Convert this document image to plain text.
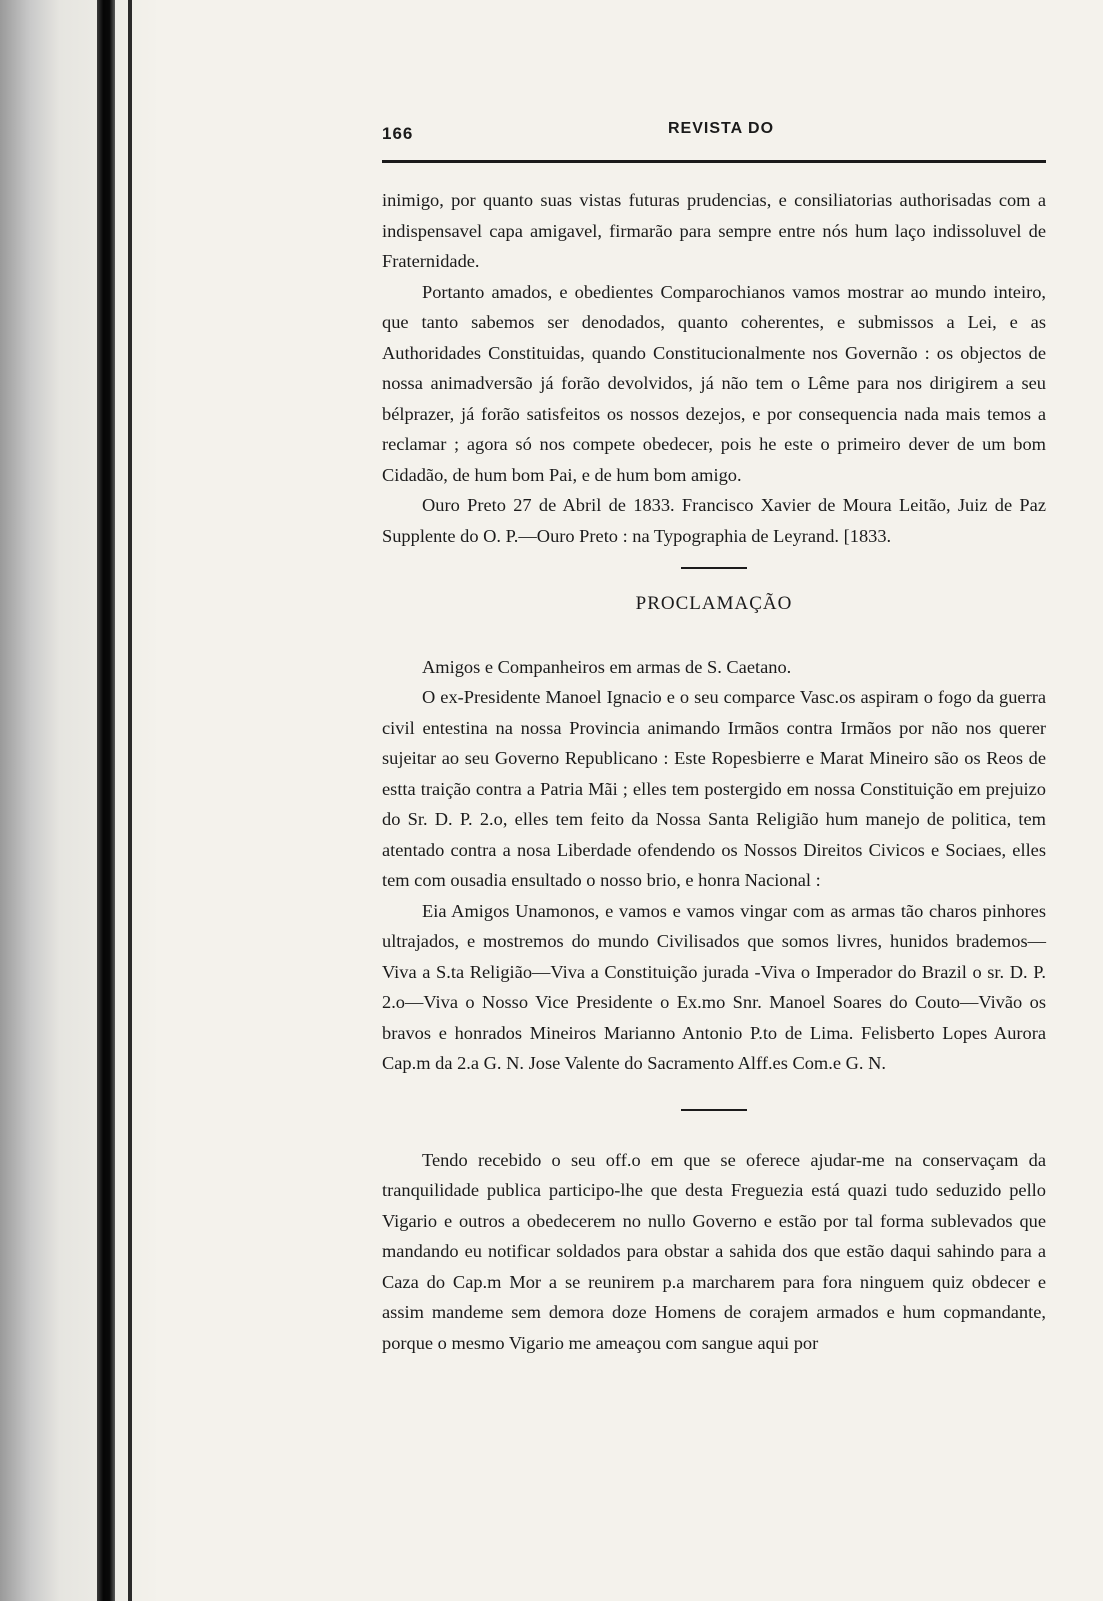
166	REVISTA DO

inimigo, por quanto suas vistas futuras prudencias, e consiliatorias authorisadas com a indispensavel capa amigavel, firmarão para sempre entre nós hum laço indissoluvel de Fraternidade.

Portanto amados, e obedientes Comparochianos vamos mostrar ao mundo inteiro, que tanto sabemos ser denodados, quanto coherentes, e submissos a Lei, e as Authoridades Constituidas, quando Constitucionalmente nos Governão : os objectos de nossa animadversão já forão devolvidos, já não tem o Lême para nos dirigirem a seu bélprazer, já forão satisfeitos os nossos dezejos, e por consequencia nada mais temos a reclamar ; agora só nos compete obedecer, pois he este o primeiro dever de um bom Cidadão, de hum bom Pai, e de hum bom amigo.

Ouro Preto 27 de Abril de 1833. Francisco Xavier de Moura Leitão, Juiz de Paz Supplente do O. P.—Ouro Preto : na Typographia de Leyrand. [1833.

PROCLAMAÇÃO

Amigos e Companheiros em armas de S. Caetano.

O ex-Presidente Manoel Ignacio e o seu comparce Vasc.os aspiram o fogo da guerra civil entestina na nossa Provincia animando Irmãos contra Irmãos por não nos querer sujeitar ao seu Governo Republicano : Este Ropesbierre e Marat Mineiro são os Reos de estta traição contra a Patria Mãi ; elles tem postergido em nossa Constituição em prejuizo do Sr. D. P. 2.o, elles tem feito da Nossa Santa Religião hum manejo de politica, tem atentado contra a nosa Liberdade ofendendo os Nossos Direitos Civicos e Sociaes, elles tem com ousadia ensultado o nosso brio, e honra Nacional :

Eia Amigos Unamonos, e vamos e vamos vingar com as armas tão charos pinhores ultrajados, e mostremos do mundo Civilisados que somos livres, hunidos brademos—Viva a S.ta Religião—Viva a Constituição jurada -Viva o Imperador do Brazil o sr. D. P. 2.o—Viva o Nosso Vice Presidente o Ex.mo Snr. Manoel Soares do Couto—Vivão os bravos e honrados Mineiros Marianno Antonio P.to de Lima. Felisberto Lopes Aurora Cap.m da 2.a G. N. Jose Valente do Sacramento Alff.es Com.e G. N.

Tendo recebido o seu off.o em que se oferece ajudar-me na conservaçam da tranquilidade publica participo-lhe que desta Freguezia está quazi tudo seduzido pello Vigario e outros a obedecerem no nullo Governo e estão por tal forma sublevados que mandando eu notificar soldados para obstar a sahida dos que estão daqui sahindo para a Caza do Cap.m Mor a se reunirem p.a marcharem para fora ninguem quiz obdecer e assim mandeme sem demora doze Homens de corajem armados e hum copmandante, porque o mesmo Vigario me ameaçou com sangue aqui por
